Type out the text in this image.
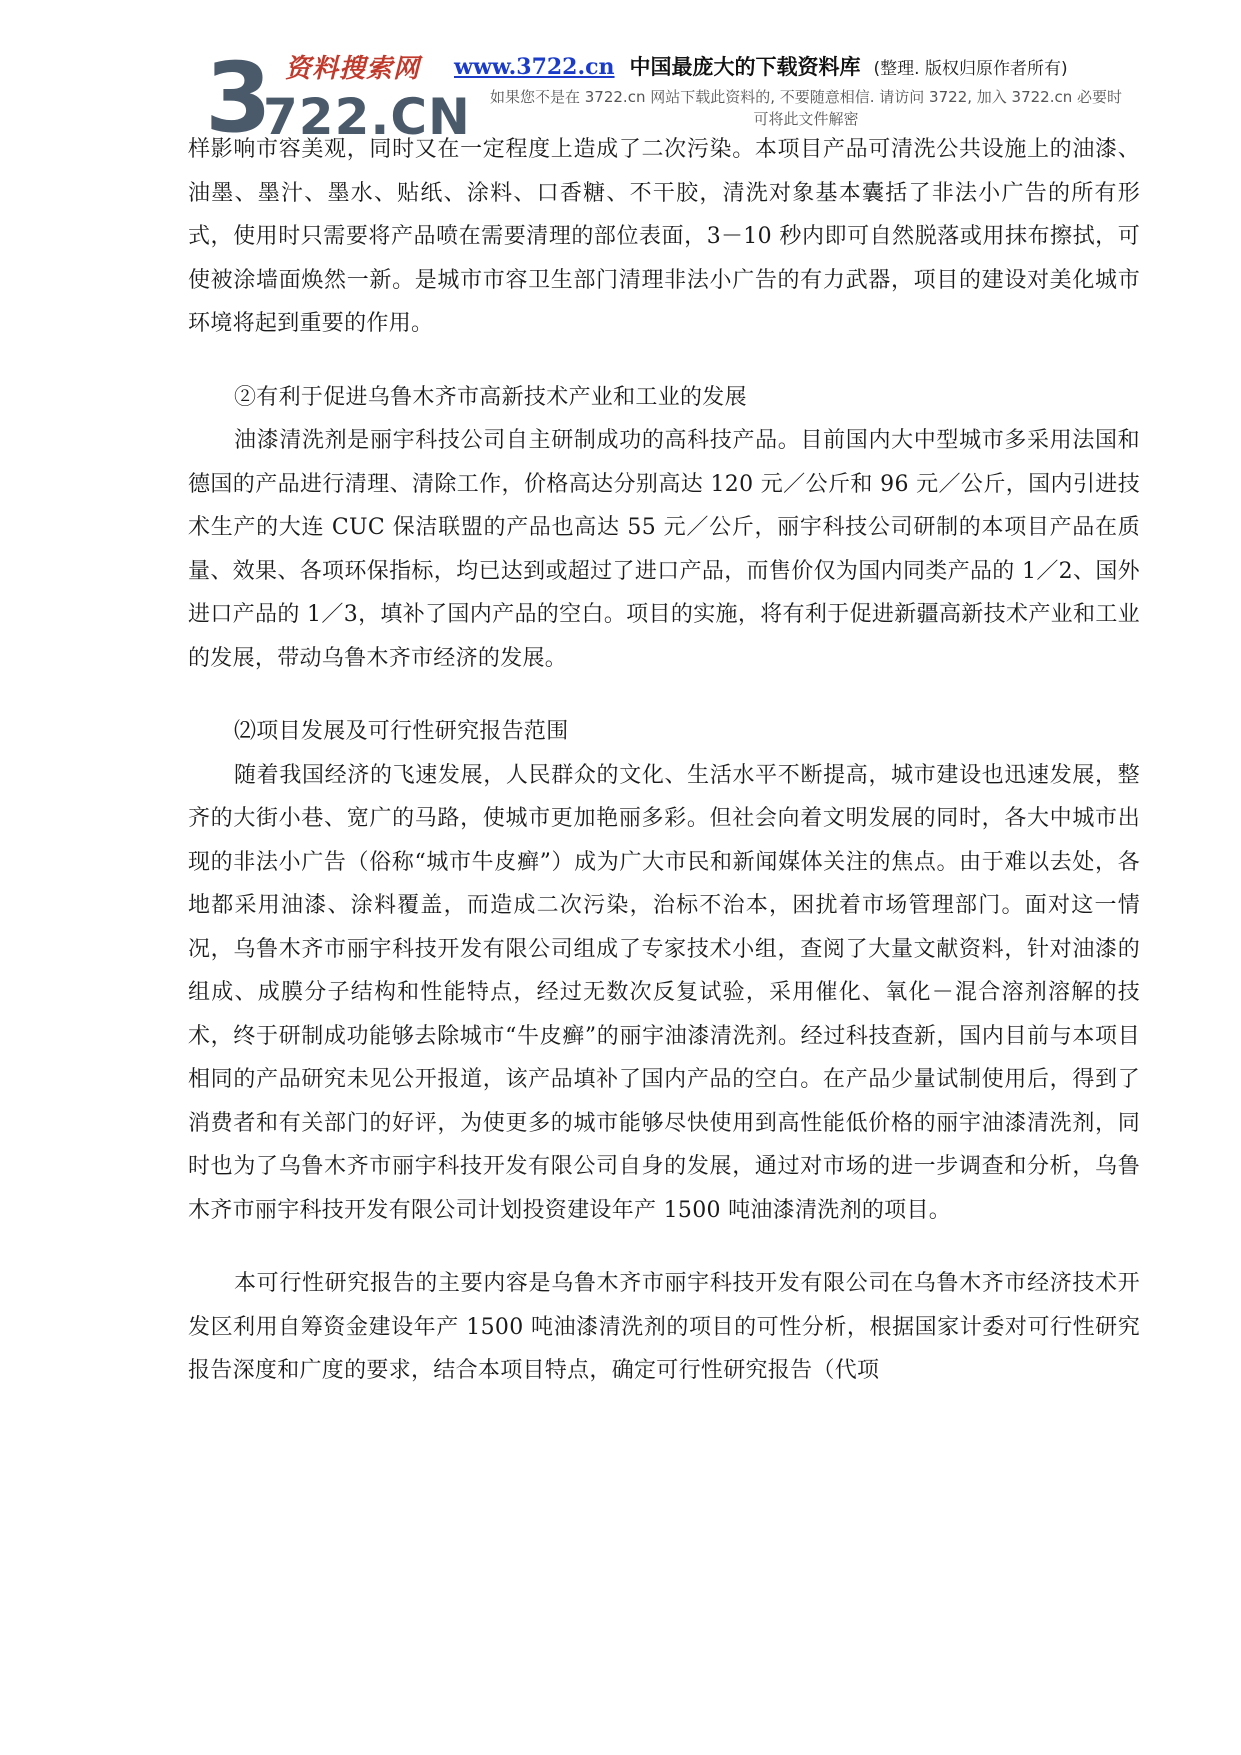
3 资料搜索网
722.CN
www.3722.cn 中国最庞大的下载资料库 (整理. 版权归原作者所有)
如果您不是在 3722.cn 网站下载此资料的, 不要随意相信. 请访问 3722, 加入 3722.cn 必要时可将此文件解密

样影响市容美观，同时又在一定程度上造成了二次污染。本项目产品可清洗公共设施上的油漆、油墨、墨汁、墨水、贴纸、涂料、口香糖、不干胶，清洗对象基本囊括了非法小广告的所有形式，使用时只需要将产品喷在需要清理的部位表面，3－10 秒内即可自然脱落或用抹布擦拭，可使被涂墙面焕然一新。是城市市容卫生部门清理非法小广告的有力武器，项目的建设对美化城市环境将起到重要的作用。

②有利于促进乌鲁木齐市高新技术产业和工业的发展

油漆清洗剂是丽宇科技公司自主研制成功的高科技产品。目前国内大中型城市多采用法国和德国的产品进行清理、清除工作，价格高达分别高达 120 元／公斤和 96 元／公斤，国内引进技术生产的大连 CUC 保洁联盟的产品也高达 55 元／公斤，丽宇科技公司研制的本项目产品在质量、效果、各项环保指标，均已达到或超过了进口产品，而售价仅为国内同类产品的 1／2、国外进口产品的 1／3，填补了国内产品的空白。项目的实施，将有利于促进新疆高新技术产业和工业的发展，带动乌鲁木齐市经济的发展。

⑵项目发展及可行性研究报告范围

随着我国经济的飞速发展，人民群众的文化、生活水平不断提高，城市建设也迅速发展，整齐的大街小巷、宽广的马路，使城市更加艳丽多彩。但社会向着文明发展的同时，各大中城市出现的非法小广告（俗称“城市牛皮癣”）成为广大市民和新闻媒体关注的焦点。由于难以去处，各地都采用油漆、涂料覆盖，而造成二次污染，治标不治本，困扰着市场管理部门。面对这一情况，乌鲁木齐市丽宇科技开发有限公司组成了专家技术小组，查阅了大量文献资料，针对油漆的组成、成膜分子结构和性能特点，经过无数次反复试验，采用催化、氧化－混合溶剂溶解的技术，终于研制成功能够去除城市“牛皮癣”的丽宇油漆清洗剂。经过科技查新，国内目前与本项目相同的产品研究未见公开报道，该产品填补了国内产品的空白。在产品少量试制使用后，得到了消费者和有关部门的好评，为使更多的城市能够尽快使用到高性能低价格的丽宇油漆清洗剂，同时也为了乌鲁木齐市丽宇科技开发有限公司自身的发展，通过对市场的进一步调查和分析，乌鲁木齐市丽宇科技开发有限公司计划投资建设年产 1500 吨油漆清洗剂的项目。

本可行性研究报告的主要内容是乌鲁木齐市丽宇科技开发有限公司在乌鲁木齐市经济技术开发区利用自筹资金建设年产 1500 吨油漆清洗剂的项目的可性分析，根据国家计委对可行性研究报告深度和广度的要求，结合本项目特点，确定可行性研究报告（代项
